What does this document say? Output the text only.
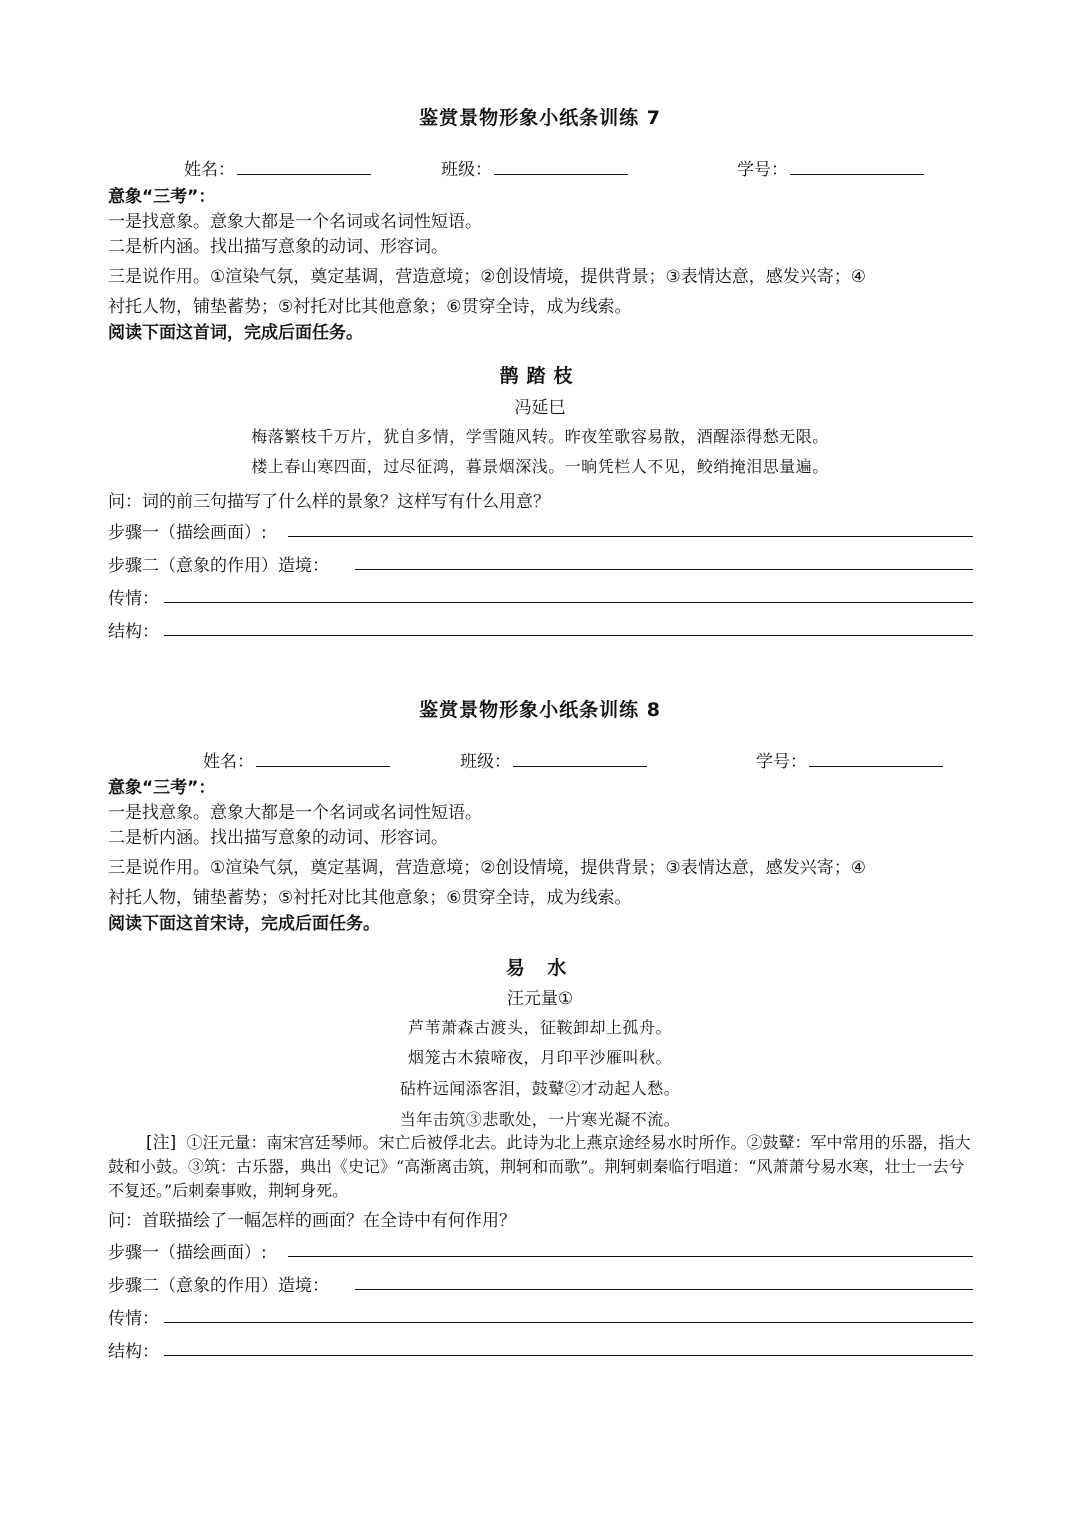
鉴赏景物形象小纸条训练 7
姓名：	班级：	学号：
意象“三考”：
一是找意象。意象大都是一个名词或名词性短语。
二是析内涵。找出描写意象的动词、形容词。
三是说作用。①渲染气氛，奠定基调，营造意境；②创设情境，提供背景；③表情达意，感发兴寄；④
衬托人物，铺垫蓄势；⑤衬托对比其他意象；⑥贯穿全诗，成为线索。
阅读下面这首词，完成后面任务。
鹊踏枝
冯延巳
梅落繁枝千万片，犹自多情，学雪随风转。昨夜笙歌容易散，酒醒添得愁无限。
楼上春山寒四面，过尽征鸿，暮景烟深浅。一晌凭栏人不见，鲛绡掩泪思量遍。
问：词的前三句描写了什么样的景象？这样写有什么用意？
步骤一（描绘画面）:
步骤二（意象的作用）造境：
传情：
结构：
鉴赏景物形象小纸条训练 8
姓名：	班级：	学号：
意象“三考”：
一是找意象。意象大都是一个名词或名词性短语。
二是析内涵。找出描写意象的动词、形容词。
三是说作用。①渲染气氛，奠定基调，营造意境；②创设情境，提供背景；③表情达意，感发兴寄；④
衬托人物，铺垫蓄势；⑤衬托对比其他意象；⑥贯穿全诗，成为线索。
阅读下面这首宋诗，完成后面任务。
易 水
汪元量①
芦苇萧森古渡头，征鞍卸却上孤舟。
烟笼古木猿啼夜，月印平沙雁叫秋。
砧杵远闻添客泪，鼓鼙②才动起人愁。
当年击筑③悲歌处，一片寒光凝不流。
[注] ①汪元量：南宋宫廷琴师。宋亡后被俘北去。此诗为北上燕京途经易水时所作。②鼓鼙：军中常用的乐器，指大鼓和小鼓。③筑：古乐器，典出《史记》“高渐离击筑，荆轲和而歌”。荆轲刺秦临行唱道：“风萧萧兮易水寒，壮士一去兮不复还。”后刺秦事败，荆轲身死。
问：首联描绘了一幅怎样的画面？在全诗中有何作用？
步骤一（描绘画面）:
步骤二（意象的作用）造境：
传情：
结构：
